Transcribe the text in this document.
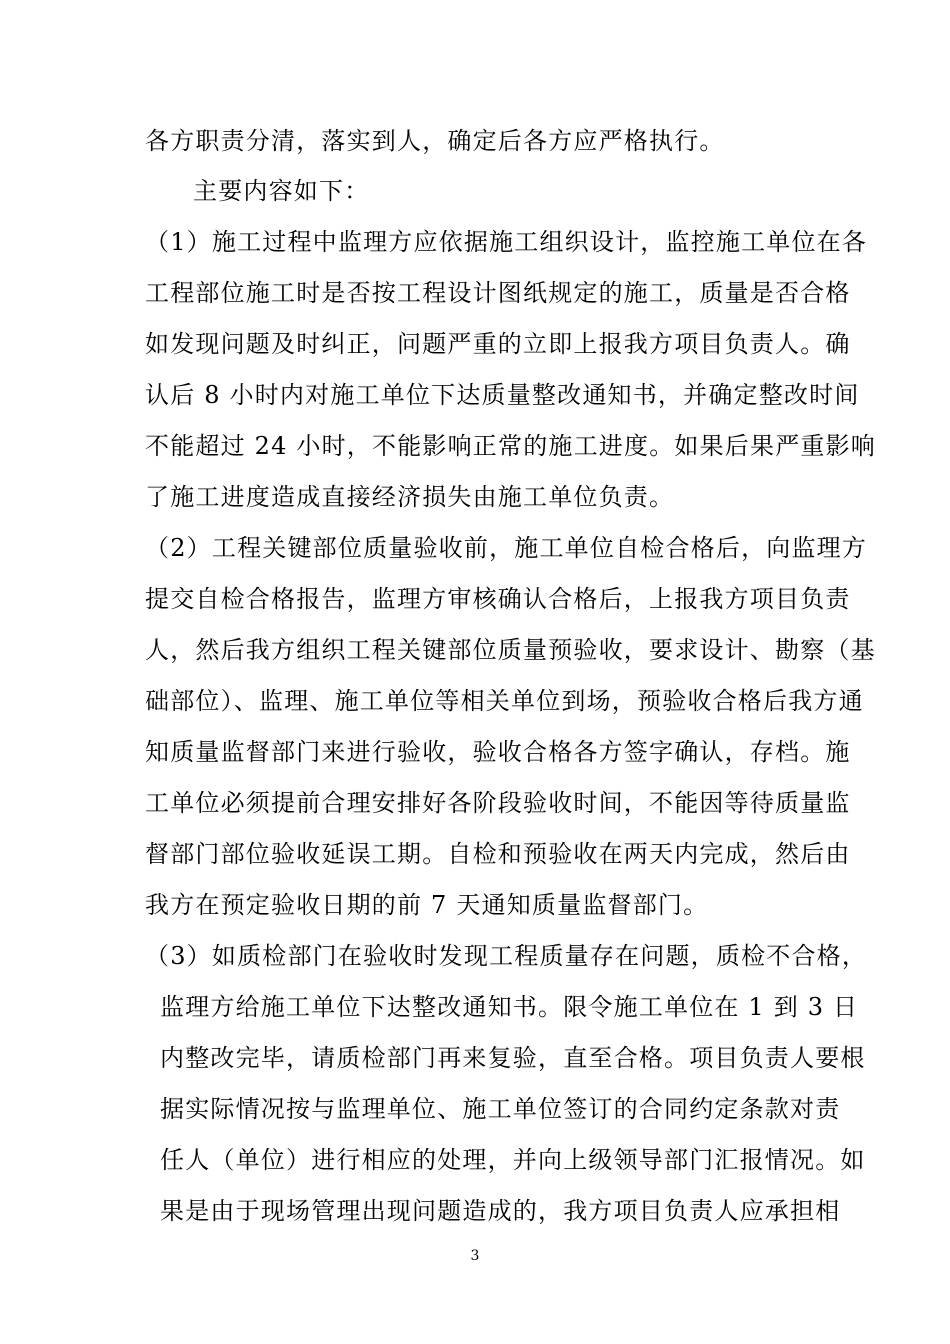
各方职责分清，落实到人，确定后各方应严格执行。
主要内容如下：
（1）施工过程中监理方应依据施工组织设计，监控施工单位在各
工程部位施工时是否按工程设计图纸规定的施工，质量是否合格
如发现问题及时纠正，问题严重的立即上报我方项目负责人。确
认后 8 小时内对施工单位下达质量整改通知书，并确定整改时间
不能超过 24 小时，不能影响正常的施工进度。如果后果严重影响
了施工进度造成直接经济损失由施工单位负责。
（2）工程关键部位质量验收前，施工单位自检合格后，向监理方
提交自检合格报告，监理方审核确认合格后，上报我方项目负责
人，然后我方组织工程关键部位质量预验收，要求设计、勘察（基
础部位）、监理、施工单位等相关单位到场，预验收合格后我方通
知质量监督部门来进行验收，验收合格各方签字确认，存档。施
工单位必须提前合理安排好各阶段验收时间，不能因等待质量监
督部门部位验收延误工期。自检和预验收在两天内完成，然后由
我方在预定验收日期的前 7 天通知质量监督部门。
（3）如质检部门在验收时发现工程质量存在问题，质检不合格，
监理方给施工单位下达整改通知书。限令施工单位在 1 到 3 日
内整改完毕，请质检部门再来复验，直至合格。项目负责人要根
据实际情况按与监理单位、施工单位签订的合同约定条款对责
任人（单位）进行相应的处理，并向上级领导部门汇报情况。如
果是由于现场管理出现问题造成的，我方项目负责人应承担相
3
